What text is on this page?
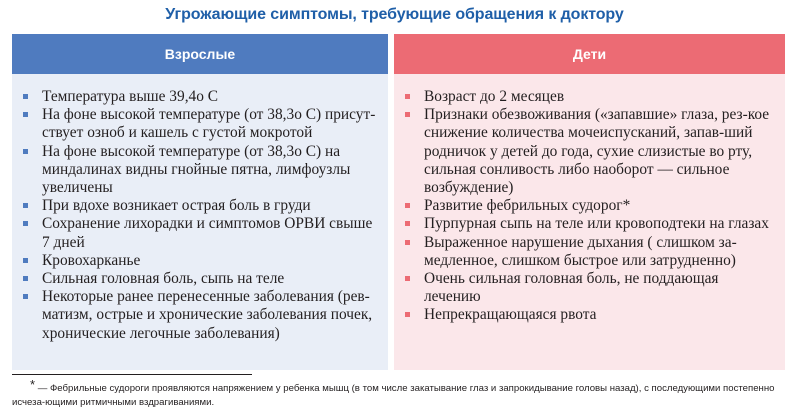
Угрожающие симптомы, требующие обращения к доктору
Взрослые
Температура выше 39,4о С
На фоне высокой температуре (от 38,3о С) присут-ствует озноб и кашель с густой мокротой
На фоне высокой температуре (от 38,3о С) на миндалинах видны гнойные пятна, лимфоузлы увеличены
При вдохе возникает острая боль в груди
Сохранение лихорадки и симптомов ОРВИ свыше 7 дней
Кровохарканье
Сильная головная боль, сыпь на теле
Некоторые ранее перенесенные заболевания (рев-матизм, острые и хронические заболевания почек, хронические легочные заболевания)
Дети
Возраст до 2 месяцев
Признаки обезвоживания («запавшие» глаза, рез-кое снижение количества мочеиспусканий, запав-ший родничок у детей до года, сухие слизистые во рту, сильная сонливость либо наоборот — сильное возбуждение)
Развитие фебрильных судорог*
Пурпурная сыпь на теле или кровоподтеки на глазах
Выраженное нарушение дыхания ( слишком за-медленное, слишком быстрое или затрудненно)
Очень сильная головная боль, не поддающая лечению
Непрекращающаяся рвота
* — Фебрильные судороги проявляются напряжением у ребенка мышц (в том числе закатывание глаз и запрокидывание головы назад), с последующими постепенно исчеза-ющими ритмичными вздрагиваниями.
